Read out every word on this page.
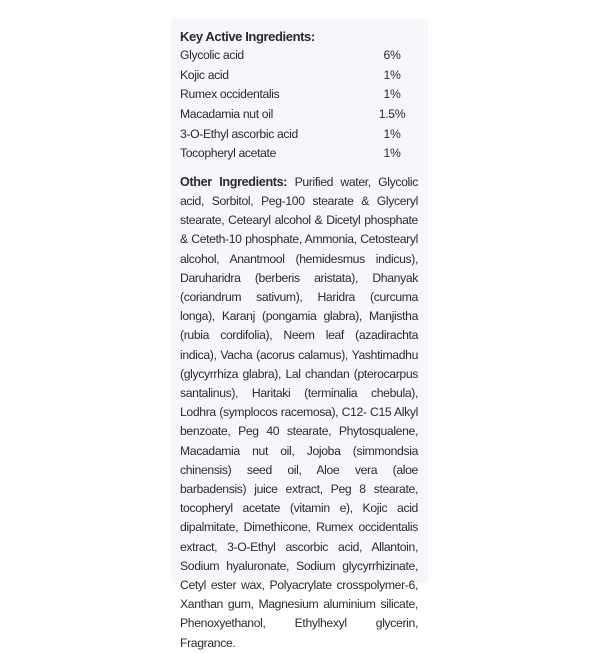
Key Active Ingredients:

Glycolic acid	6%
Kojic acid	1%
Rumex occidentalis	1%
Macadamia nut oil	1.5%
3-O-Ethyl ascorbic acid	1%
Tocopheryl acetate	1%

Other Ingredients: Purified water, Glycolic acid, Sorbitol, Peg-100 stearate & Glyceryl stearate, Cetearyl alcohol & Dicetyl phosphate & Ceteth-10 phosphate, Ammonia, Cetostearyl alcohol, Anantmool (hemidesmus indicus), Daruharidra (berberis aristata), Dhanyak (coriandrum sativum), Haridra (curcuma longa), Karanj (pongamia glabra), Manjistha (rubia cordifolia), Neem leaf (azadirachta indica), Vacha (acorus calamus), Yashtimadhu (glycyrrhiza glabra), Lal chandan (pterocarpus santalinus), Haritaki (terminalia chebula), Lodhra (symplocos racemosa), C12- C15 Alkyl benzoate, Peg 40 stearate, Phytosqualene, Macadamia nut oil, Jojoba (simmondsia chinensis) seed oil, Aloe vera (aloe barbadensis) juice extract, Peg 8 stearate, tocopheryl acetate (vitamin e), Kojic acid dipalmitate, Dimethicone, Rumex occidentalis extract, 3-O-Ethyl ascorbic acid, Allantoin, Sodium hyaluronate, Sodium glycyrrhizinate, Cetyl ester wax, Polyacrylate crosspolymer-6, Xanthan gum, Magnesium aluminium silicate, Phenoxyethanol, Ethylhexyl glycerin, Fragrance.
